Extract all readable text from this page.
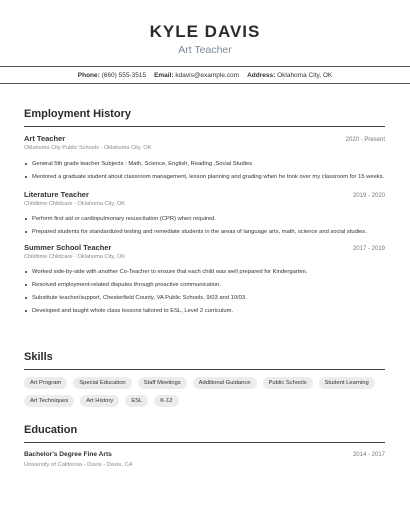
KYLE DAVIS
Art Teacher
Phone: (660) 555-3515 Email: kdavis@example.com Address: Oklahoma City, OK
Employment History
Art Teacher	2020 - Present
Oklahoma City Public Schools - Oklahoma City, OK
General 5th grade teacher Subjects : Math, Science, English, Reading ,Social Studies
Mentored a graduate student about classroom management, lesson planning and grading when he took over my classroom for 15 weeks.
Literature Teacher	2019 - 2020
Childtime Childcare - Oklahoma City, OK
Perform first aid or cardiopulmonary resuscitation (CPR) when required.
Prepared students for standardized testing and remediate students in the areas of language arts, math, science and social studies.
Summer School Teacher	2017 - 2019
Childtime Childcare - Oklahoma City, OK
Worked side-by-side with another Co-Teacher to ensure that each child was well prepared for Kindergarten.
Resolved employment-related disputes through proactive communication.
Substitute teacher/support, Chesterfield County, VA Public Schools, 9/03 and 10/03.
Developed and taught whole class lessons tailored to ESL, Level 2 curriculum.
Skills
Art Program	Special Education	Staff Meetings	Additional Guidance	Public Schools	Student Learning
Art Techniques	Art History	ESL	K-12
Education
Bachelor's Degree Fine Arts	2014 - 2017
University of California - Davis - Davis, CA
